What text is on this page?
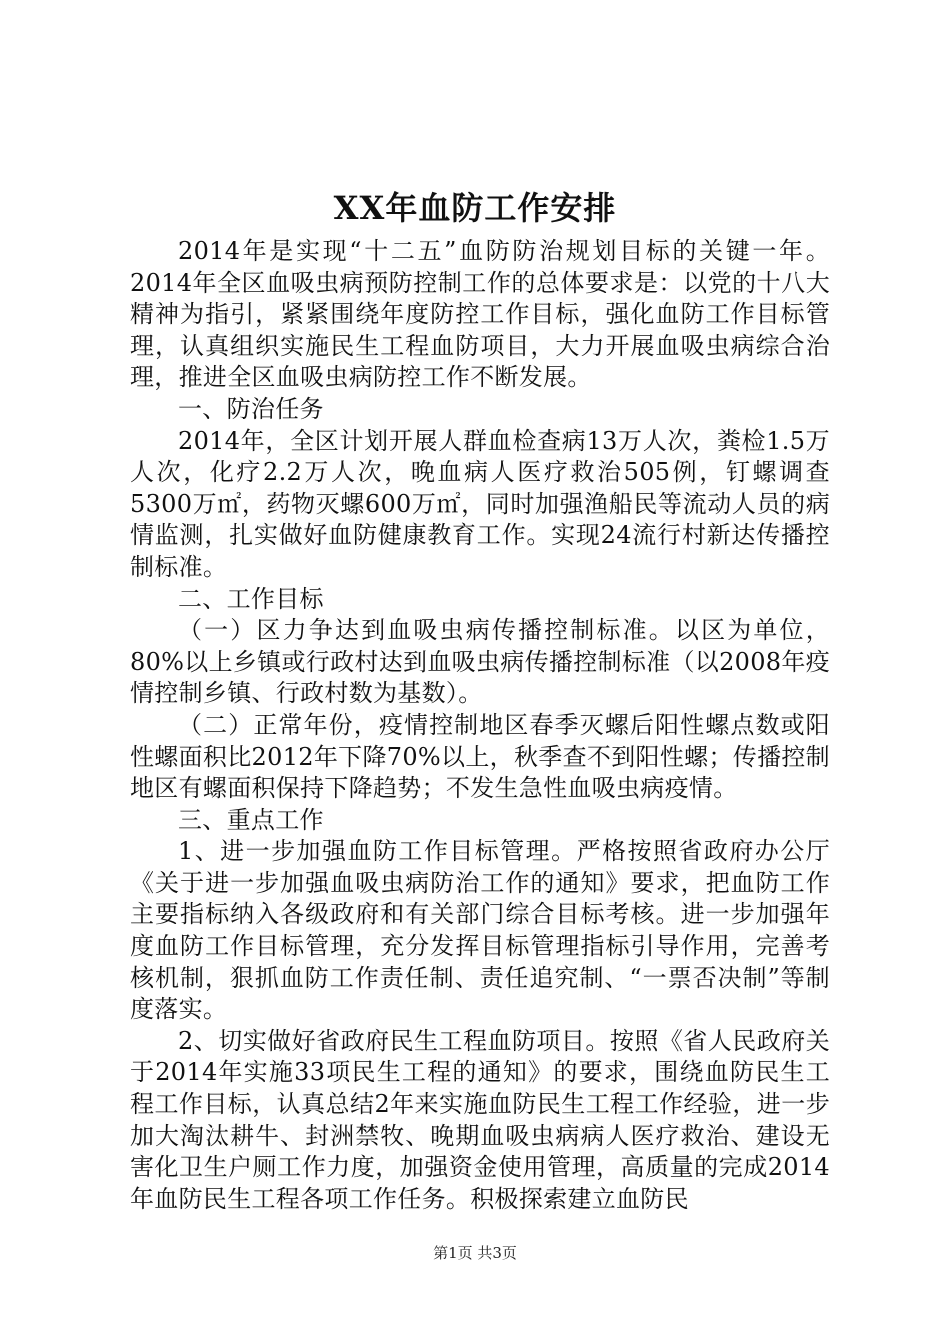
XX年血防工作安排

2014年是实现“十二五”血防防治规划目标的关键一年。2014年全区血吸虫病预防控制工作的总体要求是：以党的十八大精神为指引，紧紧围绕年度防控工作目标，强化血防工作目标管理，认真组织实施民生工程血防项目，大力开展血吸虫病综合治理，推进全区血吸虫病防控工作不断发展。

一、防治任务

2014年，全区计划开展人群血检查病13万人次，粪检1.5万人次，化疗2.2万人次，晚血病人医疗救治505例，钉螺调查5300万㎡，药物灭螺600万㎡，同时加强渔船民等流动人员的病情监测，扎实做好血防健康教育工作。实现24流行村新达传播控制标准。

二、工作目标

（一）区力争达到血吸虫病传播控制标准。以区为单位，80%以上乡镇或行政村达到血吸虫病传播控制标准（以2008年疫情控制乡镇、行政村数为基数）。

（二）正常年份，疫情控制地区春季灭螺后阳性螺点数或阳性螺面积比2012年下降70%以上，秋季查不到阳性螺；传播控制地区有螺面积保持下降趋势；不发生急性血吸虫病疫情。

三、重点工作

1、进一步加强血防工作目标管理。严格按照省政府办公厅《关于进一步加强血吸虫病防治工作的通知》要求，把血防工作主要指标纳入各级政府和有关部门综合目标考核。进一步加强年度血防工作目标管理，充分发挥目标管理指标引导作用，完善考核机制，狠抓血防工作责任制、责任追究制、“一票否决制”等制度落实。

2、切实做好省政府民生工程血防项目。按照《省人民政府关于2014年实施33项民生工程的通知》的要求，围绕血防民生工程工作目标，认真总结2年来实施血防民生工程工作经验，进一步加大淘汰耕牛、封洲禁牧、晚期血吸虫病病人医疗救治、建设无害化卫生户厕工作力度，加强资金使用管理，高质量的完成2014年血防民生工程各项工作任务。积极探索建立血防民

第1页 共3页
